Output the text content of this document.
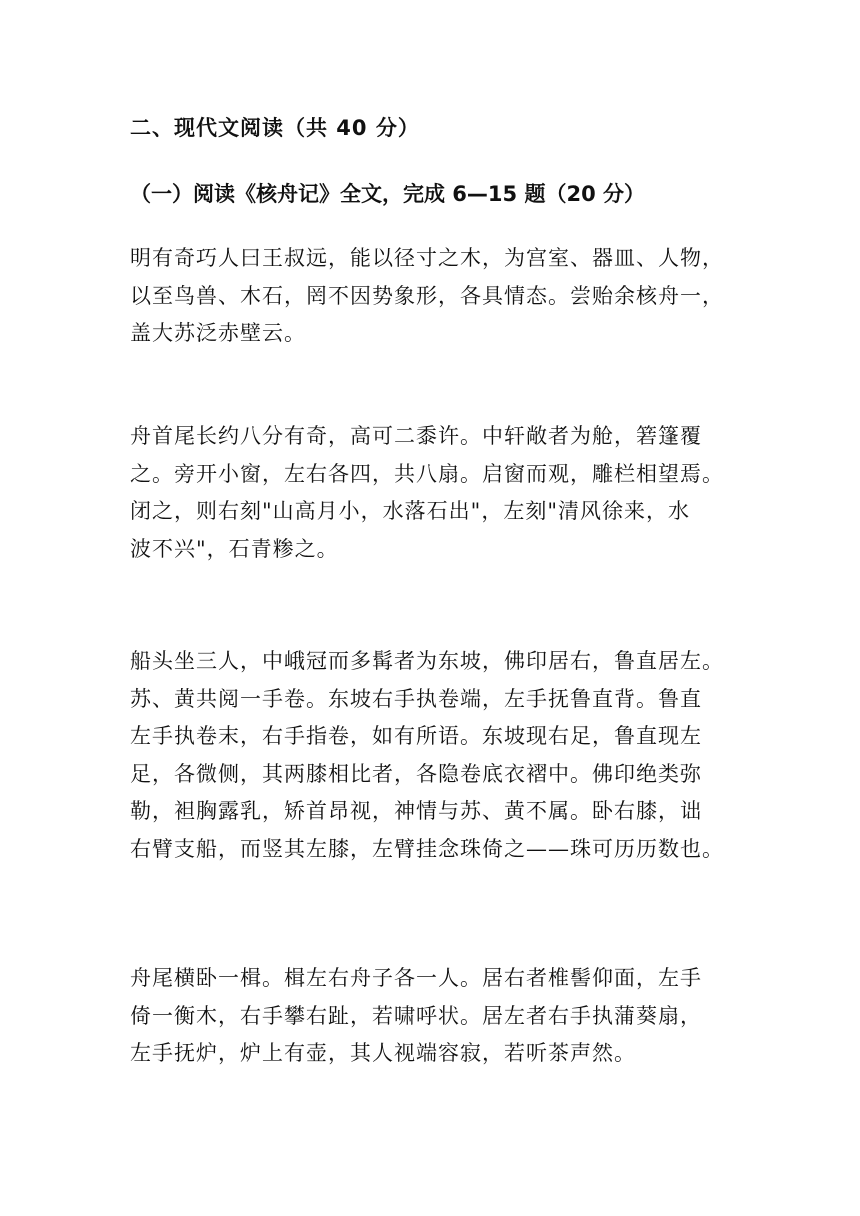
二、现代文阅读（共 40 分）
（一）阅读《核舟记》全文，完成 6—15 题（20 分）

明有奇巧人曰王叔远，能以径寸之木，为宫室、器皿、人物，
以至鸟兽、木石，罔不因势象形，各具情态。尝贻余核舟一，
盖大苏泛赤壁云。

舟首尾长约八分有奇，高可二黍许。中轩敞者为舱，箬篷覆
之。旁开小窗，左右各四，共八扇。启窗而观，雕栏相望焉。
闭之，则右刻"山高月小，水落石出"，左刻"清风徐来，水
波不兴"，石青糁之。

船头坐三人，中峨冠而多髯者为东坡，佛印居右，鲁直居左。
苏、黄共阅一手卷。东坡右手执卷端，左手抚鲁直背。鲁直
左手执卷末，右手指卷，如有所语。东坡现右足，鲁直现左
足，各微侧，其两膝相比者，各隐卷底衣褶中。佛印绝类弥
勒，袒胸露乳，矫首昂视，神情与苏、黄不属。卧右膝，诎
右臂支船，而竖其左膝，左臂挂念珠倚之——珠可历历数也。

舟尾横卧一楫。楫左右舟子各一人。居右者椎髻仰面，左手
倚一衡木，右手攀右趾，若啸呼状。居左者右手执蒲葵扇，
左手抚炉，炉上有壶，其人视端容寂，若听茶声然。
